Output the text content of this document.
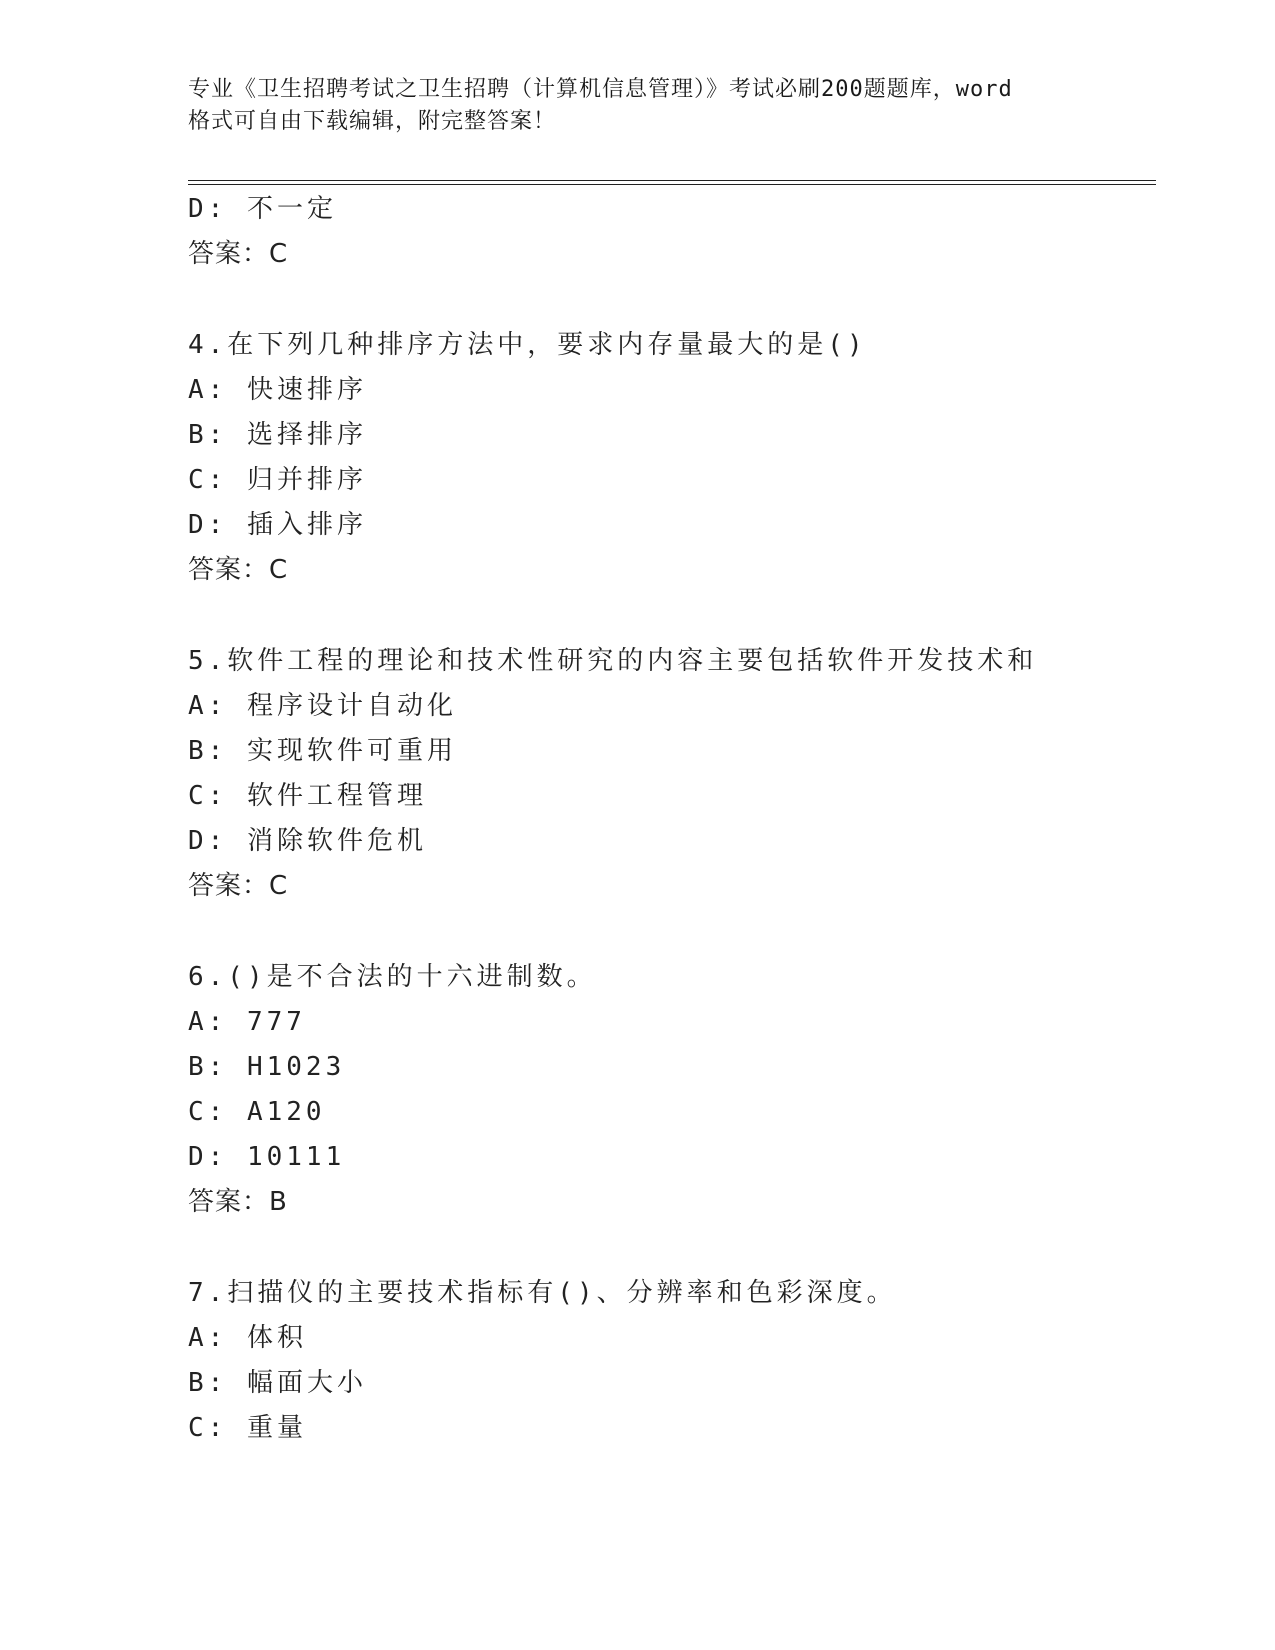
专业《卫生招聘考试之卫生招聘（计算机信息管理）》考试必刷200题题库，word
格式可自由下载编辑，附完整答案！
D: 不一定
答案：C
4.在下列几种排序方法中，要求内存量最大的是()
A: 快速排序
B: 选择排序
C: 归并排序
D: 插入排序
答案：C
5.软件工程的理论和技术性研究的内容主要包括软件开发技术和
A: 程序设计自动化
B: 实现软件可重用
C: 软件工程管理
D: 消除软件危机
答案：C
6.()是不合法的十六进制数。
A: 777
B: H1023
C: A120
D: 10111
答案：B
7.扫描仪的主要技术指标有()、分辨率和色彩深度。
A: 体积
B: 幅面大小
C: 重量
